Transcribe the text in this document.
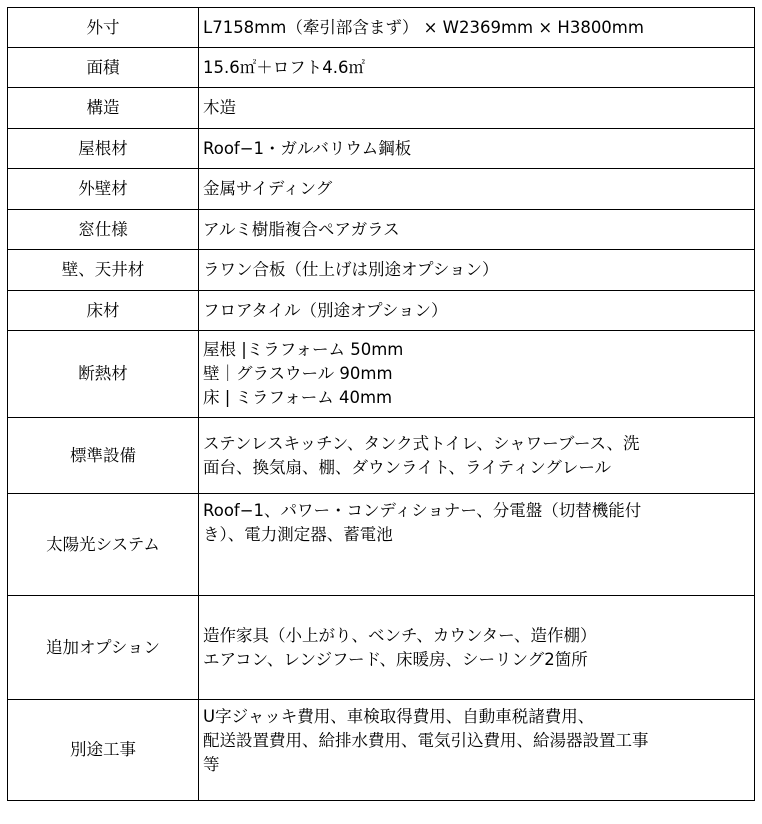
外寸	L7158mm（牽引部含まず） × W2369mm × H3800mm

面積	15.6㎡＋ロフト4.6㎡

構造	木造

屋根材	Roof−1・ガルバリウム鋼板

外壁材	金属サイディング

窓仕様	アルミ樹脂複合ペアガラス

壁、天井材	ラワン合板（仕上げは別途オプション）

床材	フロアタイル（別途オプション）

断熱材	屋根 |ミラフォーム 50mm
壁｜グラスウール 90mm
床 | ミラフォーム 40mm

標準設備	ステンレスキッチン、タンク式トイレ、シャワーブース、洗
面台、換気扇、棚、ダウンライト、ライティングレール

太陽光システム	Roof−1、パワー・コンディショナー、分電盤（切替機能付
き）、電力測定器、蓄電池

追加オプション	造作家具（小上がり、ベンチ、カウンター、造作棚）
エアコン、レンジフード、床暖房、シーリング2箇所

別途工事	U字ジャッキ費用、車検取得費用、自動車税諸費用、
配送設置費用、給排水費用、電気引込費用、給湯器設置工事
等
